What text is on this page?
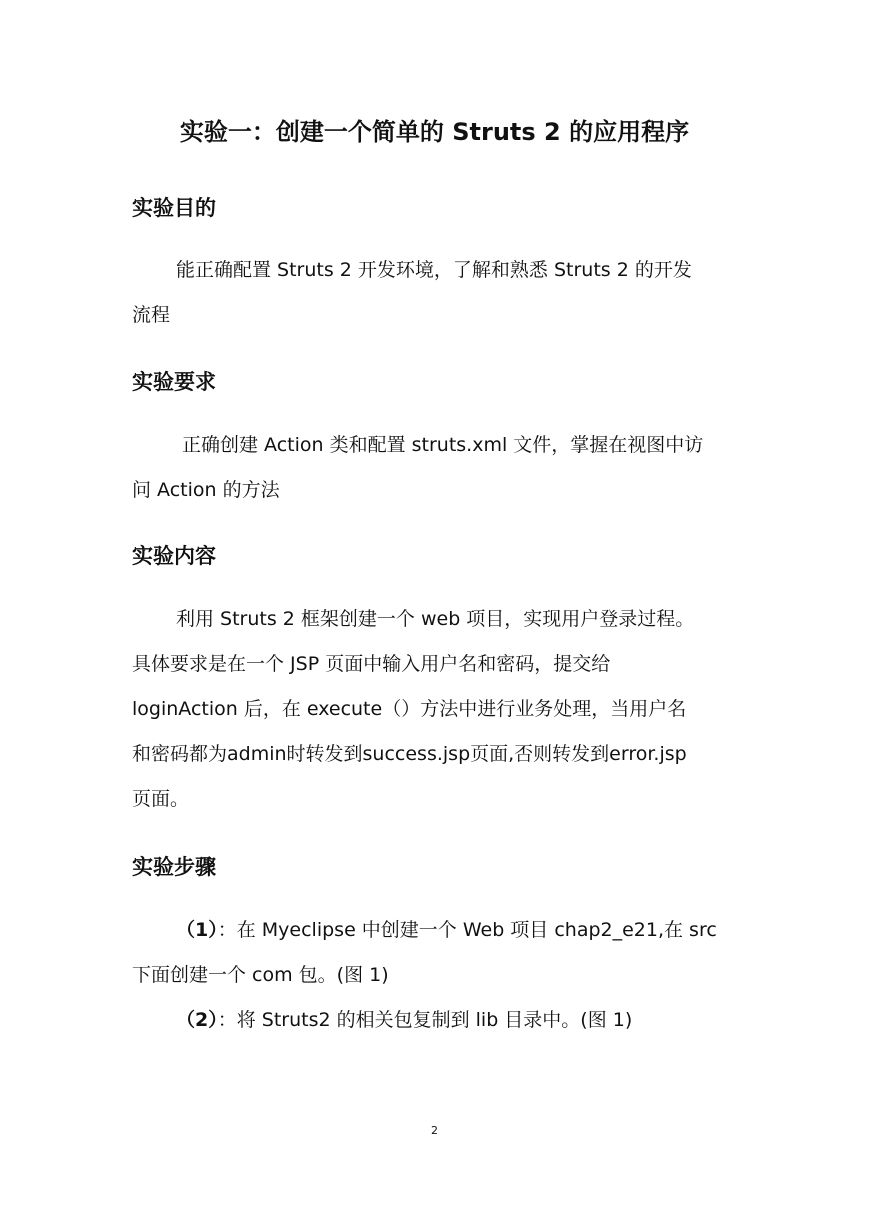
实验一：创建一个简单的 Struts 2 的应用程序
实验目的
能正确配置 Struts 2 开发环境，了解和熟悉 Struts 2 的开发
流程
实验要求
正确创建 Action 类和配置 struts.xml 文件，掌握在视图中访
问 Action 的方法
实验内容
利用 Struts 2 框架创建一个 web 项目，实现用户登录过程。
具体要求是在一个 JSP 页面中输入用户名和密码，提交给
loginAction 后，在 execute（）方法中进行业务处理，当用户名
和密码都为admin时转发到success.jsp页面,否则转发到error.jsp
页面。
实验步骤
（1）：在 Myeclipse 中创建一个 Web 项目 chap2_e21,在 src
下面创建一个 com 包。(图 1)
（2）：将 Struts2 的相关包复制到 lib 目录中。(图 1)
2
